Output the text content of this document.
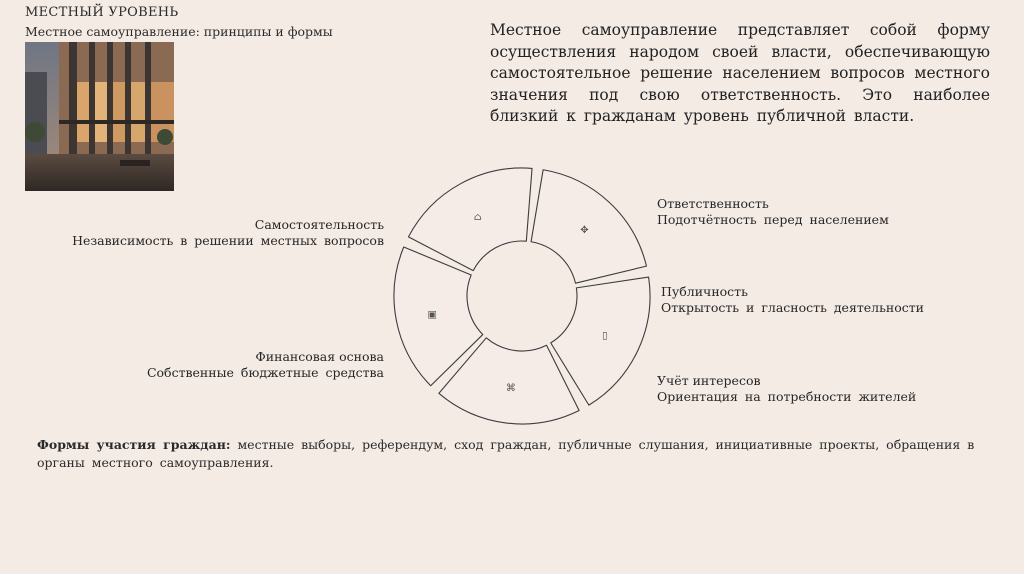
МЕСТНЫЙ УРОВЕНЬ
Местное самоуправление: принципы и формы	Местное самоуправление представляет собой форму осуществления народом своей власти, обеспечивающую самостоятельное решение населением вопросов местного значения под свою ответственность. Это наиболее близкий к гражданам уровень публичной власти.
✥
▯
⌘
▣
⌂
Ответственность
Подотчётность перед населением
Публичность
Открытость и гласность деятельности
Учёт интересов
Ориентация на потребности жителей
Финансовая основа
Собственные бюджетные средства
Самостоятельность
Независимость в решении местных вопросов
Формы участия граждан: местные выборы, референдум, сход граждан, публичные слушания, инициативные проекты, обращения в органы местного самоуправления.
